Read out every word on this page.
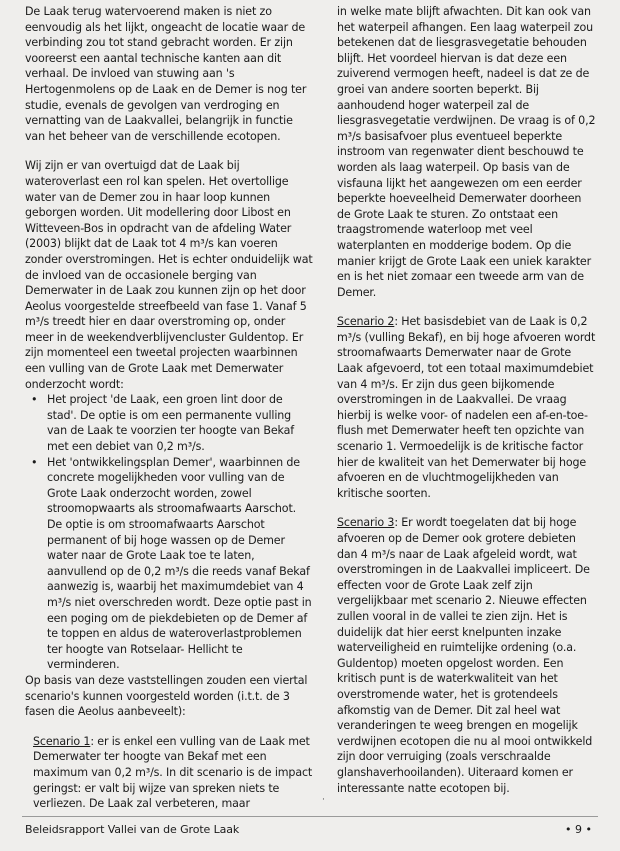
De Laak terug watervoerend maken is niet zo eenvoudig als het lijkt, ongeacht de locatie waar de verbinding zou tot stand gebracht worden. Er zijn vooreerst een aantal technische kanten aan dit verhaal. De invloed van stuwing aan 's Hertogenmolens op de Laak en de Demer is nog ter studie, evenals de gevolgen van verdroging en vernatting van de Laakvallei, belangrijk in functie van het beheer van de verschillende ecotopen.

Wij zijn er van overtuigd dat de Laak bij wateroverlast een rol kan spelen. Het overtollige water van de Demer zou in haar loop kunnen geborgen worden. Uit modellering door Libost en Witteveen-Bos in opdracht van de afdeling Water (2003) blijkt dat de Laak tot 4 m³/s kan voeren zonder overstromingen. Het is echter onduidelijk wat de invloed van de occasionele berging van Demerwater in de Laak zou kunnen zijn op het door Aeolus voorgestelde streefbeeld van fase 1. Vanaf 5 m³/s treedt hier en daar overstroming op, onder meer in de weekendverblijvencluster Guldentop. Er zijn momenteel een tweetal projecten waarbinnen een vulling van de Grote Laak met Demerwater onderzocht wordt:

• Het project 'de Laak, een groen lint door de stad'. De optie is om een permanente vulling van de Laak te voorzien ter hoogte van Bekaf met een debiet van 0,2 m³/s.
• Het 'ontwikkelingsplan Demer', waarbinnen de concrete mogelijkheden voor vulling van de Grote Laak onderzocht worden, zowel stroomopwaarts als stroomafwaarts Aarschot. De optie is om stroomafwaarts Aarschot permanent of bij hoge wassen op de Demer water naar de Grote Laak toe te laten, aanvullend op de 0,2 m³/s die reeds vanaf Bekaf aanwezig is, waarbij het maximumdebiet van 4 m³/s niet overschreden wordt. Deze optie past in een poging om de piekdebieten op de Demer af te toppen en aldus de wateroverlastproblemen ter hoogte van Rotselaar- Hellicht te verminderen.

Op basis van deze vaststellingen zouden een viertal scenario's kunnen voorgesteld worden (i.t.t. de 3 fasen die Aeolus aanbeveelt):

Scenario 1: er is enkel een vulling van de Laak met Demerwater ter hoogte van Bekaf met een maximum van 0,2 m³/s. In dit scenario is de impact geringst: er valt bij wijze van spreken niets te verliezen. De Laak zal verbeteren, maar

in welke mate blijft afwachten. Dit kan ook van het waterpeil afhangen. Een laag waterpeil zou betekenen dat de liesgrasvegetatie behouden blijft. Het voordeel hiervan is dat deze een zuiverend vermogen heeft, nadeel is dat ze de groei van andere soorten beperkt. Bij aanhoudend hoger waterpeil zal de liesgrasvegetatie verdwijnen. De vraag is of 0,2 m³/s basisafvoer plus eventueel beperkte instroom van regenwater dient beschouwd te worden als laag waterpeil. Op basis van de visfauna lijkt het aangewezen om een eerder beperkte hoeveelheid Demerwater doorheen de Grote Laak te sturen. Zo ontstaat een traagstromende waterloop met veel waterplanten en modderige bodem. Op die manier krijgt de Grote Laak een uniek karakter en is het niet zomaar een tweede arm van de Demer.

Scenario 2: Het basisdebiet van de Laak is 0,2 m³/s (vulling Bekaf), en bij hoge afvoeren wordt stroomafwaarts Demerwater naar de Grote Laak afgevoerd, tot een totaal maximumdebiet van 4 m³/s. Er zijn dus geen bijkomende overstromingen in de Laakvallei. De vraag hierbij is welke voor- of nadelen een af-en-toe-flush met Demerwater heeft ten opzichte van scenario 1. Vermoedelijk is de kritische factor hier de kwaliteit van het Demerwater bij hoge afvoeren en de vluchtmogelijkheden van kritische soorten.

Scenario 3: Er wordt toegelaten dat bij hoge afvoeren op de Demer ook grotere debieten dan 4 m³/s naar de Laak afgeleid wordt, wat overstromingen in de Laakvallei impliceert. De effecten voor de Grote Laak zelf zijn vergelijkbaar met scenario 2. Nieuwe effecten zullen vooral in de vallei te zien zijn. Het is duidelijk dat hier eerst knelpunten inzake waterveiligheid en ruimtelijke ordening (o.a. Guldentop) moeten opgelost worden. Een kritisch punt is de waterkwaliteit van het overstromende water, het is grotendeels afkomstig van de Demer. Dit zal heel wat veranderingen te weeg brengen en mogelijk verdwijnen ecotopen die nu al mooi ontwikkeld zijn door verruiging (zoals verschraalde glanshaverhooilanden). Uiteraard komen er interessante natte ecotopen bij.

·
Beleidsrapport Vallei van de Grote Laak	• 9 •
